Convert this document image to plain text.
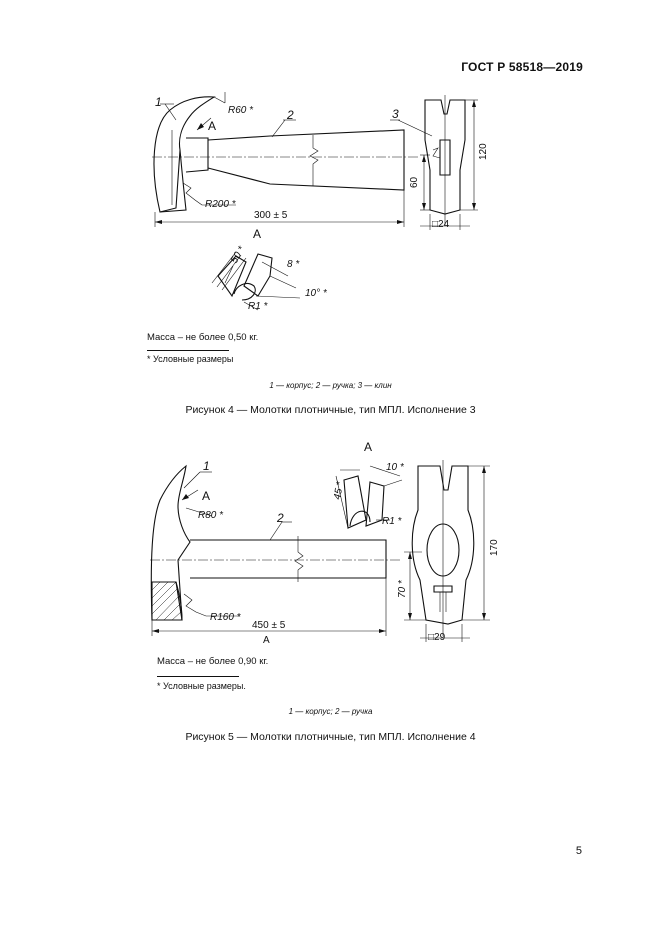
ГОСТ Р 58518—2019
1
2	3
A
R60 *
R200 *
300 ± 5
120
60
□24
A
50 *	8 *
R1 *
10° *
1
2
A
R80 *
R160 *
450 ± 5
A
A
10 *
45 *
R1 *
170
70 *
□29
Масса – не более 0,50 кг.
* Условные размеры
1 — корпус; 2 — ручка; 3 — клин
Рисунок 4 — Молотки плотничные, тип МПЛ. Исполнение 3
Масса – не более 0,90 кг.
* Условные размеры.
1 — корпус; 2 — ручка
Рисунок 5 — Молотки плотничные, тип МПЛ. Исполнение 4
5
